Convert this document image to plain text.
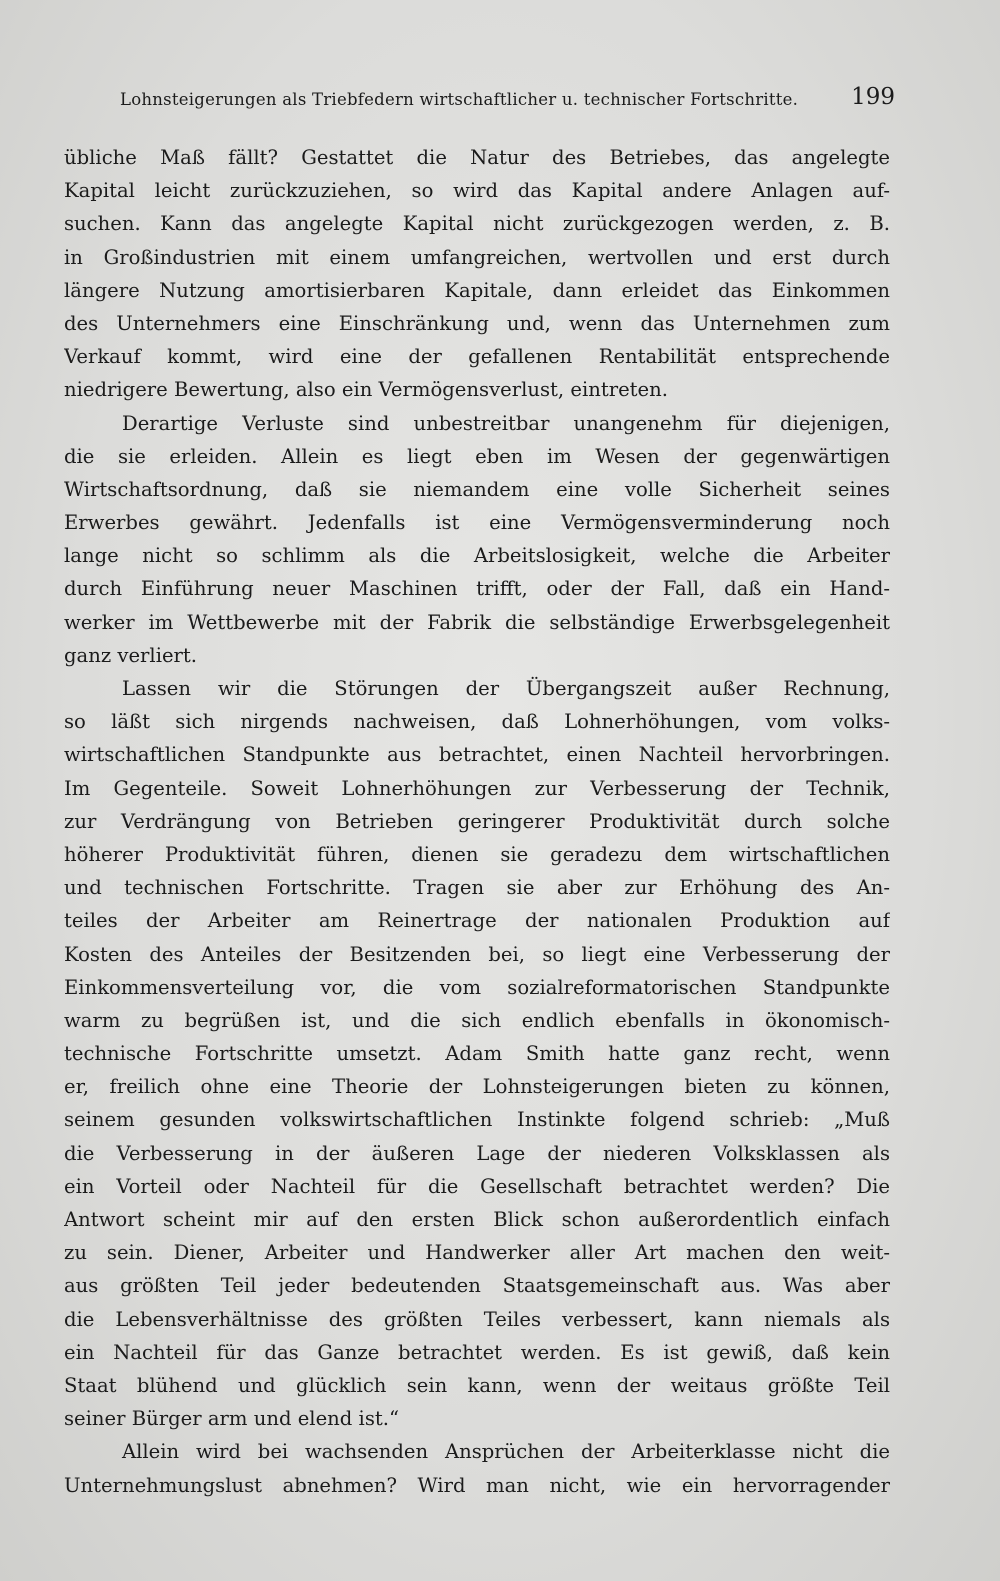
Lohnsteigerungen als Triebfedern wirtschaftlicher u. technischer Fortschritte. 199
übliche Maß fällt? Gestattet die Natur des Betriebes, das angelegte
Kapital leicht zurückzuziehen, so wird das Kapital andere Anlagen auf-
suchen. Kann das angelegte Kapital nicht zurückgezogen werden, z. B.
in Großindustrien mit einem umfangreichen, wertvollen und erst durch
längere Nutzung amortisierbaren Kapitale, dann erleidet das Einkommen
des Unternehmers eine Einschränkung und, wenn das Unternehmen zum
Verkauf kommt, wird eine der gefallenen Rentabilität entsprechende
niedrigere Bewertung, also ein Vermögensverlust, eintreten.
Derartige Verluste sind unbestreitbar unangenehm für diejenigen,
die sie erleiden. Allein es liegt eben im Wesen der gegenwärtigen
Wirtschaftsordnung, daß sie niemandem eine volle Sicherheit seines
Erwerbes gewährt. Jedenfalls ist eine Vermögensverminderung noch
lange nicht so schlimm als die Arbeitslosigkeit, welche die Arbeiter
durch Einführung neuer Maschinen trifft, oder der Fall, daß ein Hand-
werker im Wettbewerbe mit der Fabrik die selbständige Erwerbsgelegenheit
ganz verliert.
Lassen wir die Störungen der Übergangszeit außer Rechnung,
so läßt sich nirgends nachweisen, daß Lohnerhöhungen, vom volks-
wirtschaftlichen Standpunkte aus betrachtet, einen Nachteil hervorbringen.
Im Gegenteile. Soweit Lohnerhöhungen zur Verbesserung der Technik,
zur Verdrängung von Betrieben geringerer Produktivität durch solche
höherer Produktivität führen, dienen sie geradezu dem wirtschaftlichen
und technischen Fortschritte. Tragen sie aber zur Erhöhung des An-
teiles der Arbeiter am Reinertrage der nationalen Produktion auf
Kosten des Anteiles der Besitzenden bei, so liegt eine Verbesserung der
Einkommensverteilung vor, die vom sozialreformatorischen Standpunkte
warm zu begrüßen ist, und die sich endlich ebenfalls in ökonomisch-
technische Fortschritte umsetzt. Adam Smith hatte ganz recht, wenn
er, freilich ohne eine Theorie der Lohnsteigerungen bieten zu können,
seinem gesunden volkswirtschaftlichen Instinkte folgend schrieb: „Muß
die Verbesserung in der äußeren Lage der niederen Volksklassen als
ein Vorteil oder Nachteil für die Gesellschaft betrachtet werden? Die
Antwort scheint mir auf den ersten Blick schon außerordentlich einfach
zu sein. Diener, Arbeiter und Handwerker aller Art machen den weit-
aus größten Teil jeder bedeutenden Staatsgemeinschaft aus. Was aber
die Lebensverhältnisse des größten Teiles verbessert, kann niemals als
ein Nachteil für das Ganze betrachtet werden. Es ist gewiß, daß kein
Staat blühend und glücklich sein kann, wenn der weitaus größte Teil
seiner Bürger arm und elend ist.“
Allein wird bei wachsenden Ansprüchen der Arbeiterklasse nicht die
Unternehmungslust abnehmen? Wird man nicht, wie ein hervorragender
